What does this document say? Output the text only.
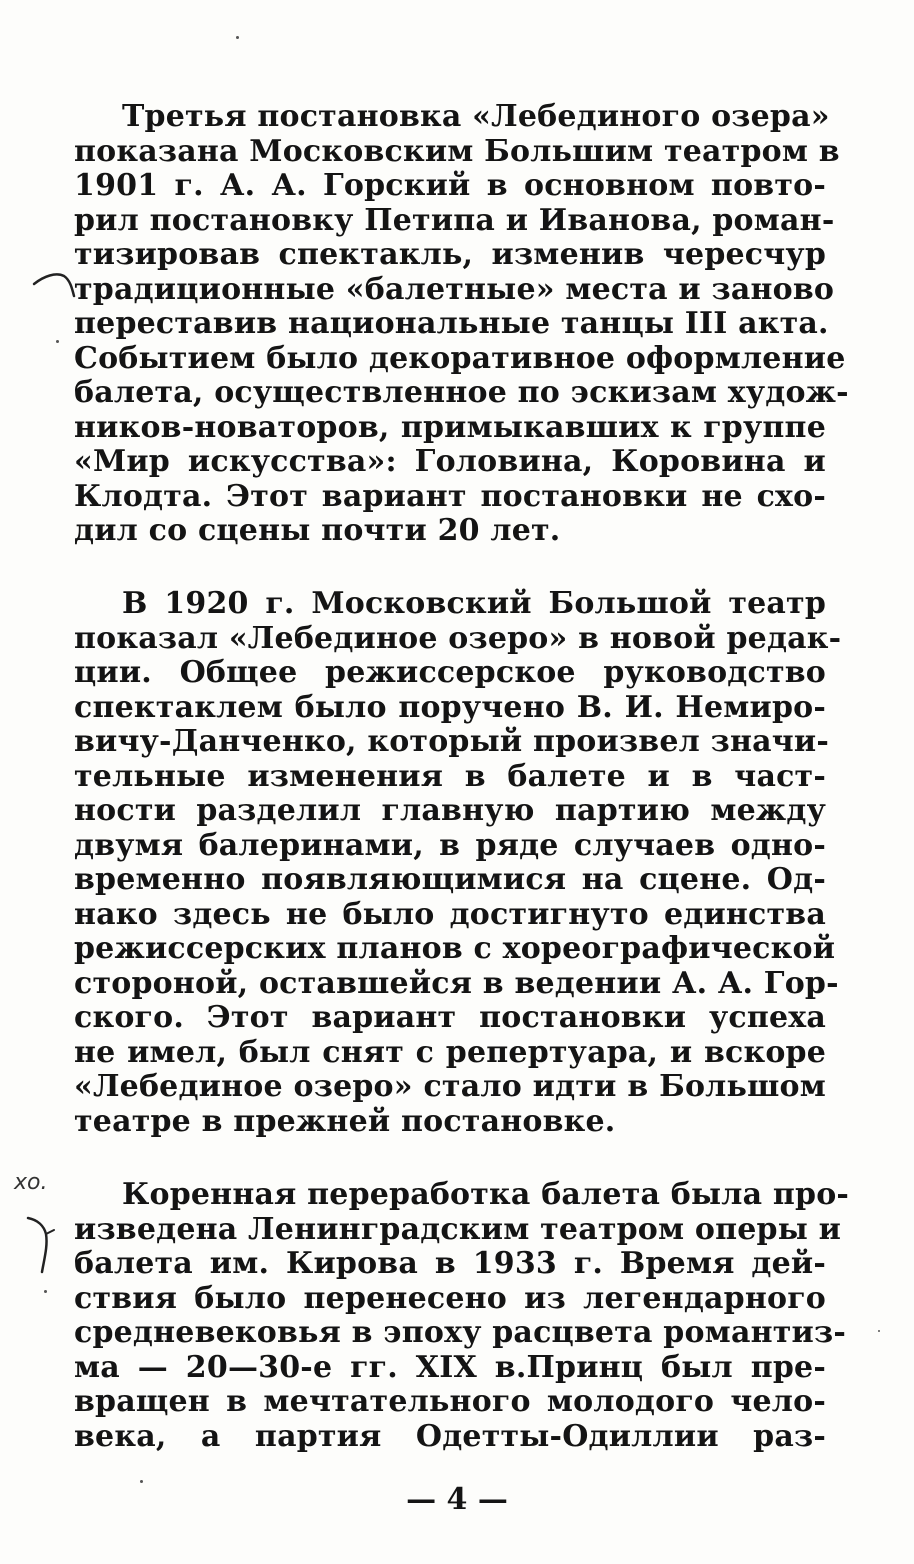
Третья постановка «Лебединого озера»
показана Московским Большим театром в
1901 г. А. А. Горский в основном повто-
рил постановку Петипа и Иванова, роман-
тизировав спектакль, изменив чересчур
традиционные «балетные» места и заново
переставив национальные танцы III акта.
Событием было декоративное оформление
балета, осуществленное по эскизам худож-
ников-новаторов, примыкавших к группе
«Мир искусства»: Головина, Коровина и
Клодта. Этот вариант постановки не схо-
дил со сцены почти 20 лет.
В 1920 г. Московский Большой театр
показал «Лебединое озеро» в новой редак-
ции. Общее режиссерское руководство
спектаклем было поручено В. И. Немиро-
вичу-Данченко, который произвел значи-
тельные изменения в балете и в част-
ности разделил главную партию между
двумя балеринами, в ряде случаев одно-
временно появляющимися на сцене. Од-
нако здесь не было достигнуто единства
режиссерских планов с хореографической
стороной, оставшейся в ведении А. А. Гор-
ского. Этот вариант постановки успеха
не имел, был снят с репертуара, и вскоре
«Лебединое озеро» стало идти в Большом
театре в прежней постановке.
Коренная переработка балета была про-
изведена Ленинградским театром оперы и
балета им. Кирова в 1933 г. Время дей-
ствия было перенесено из легендарного
средневековья в эпоху расцвета романтиз-
ма — 20—30-е гг. XIX в.Принц был пре-
вращен в мечтательного молодого чело-
века, а партия Одетты-Одиллии раз-
— 4 —
хо.
